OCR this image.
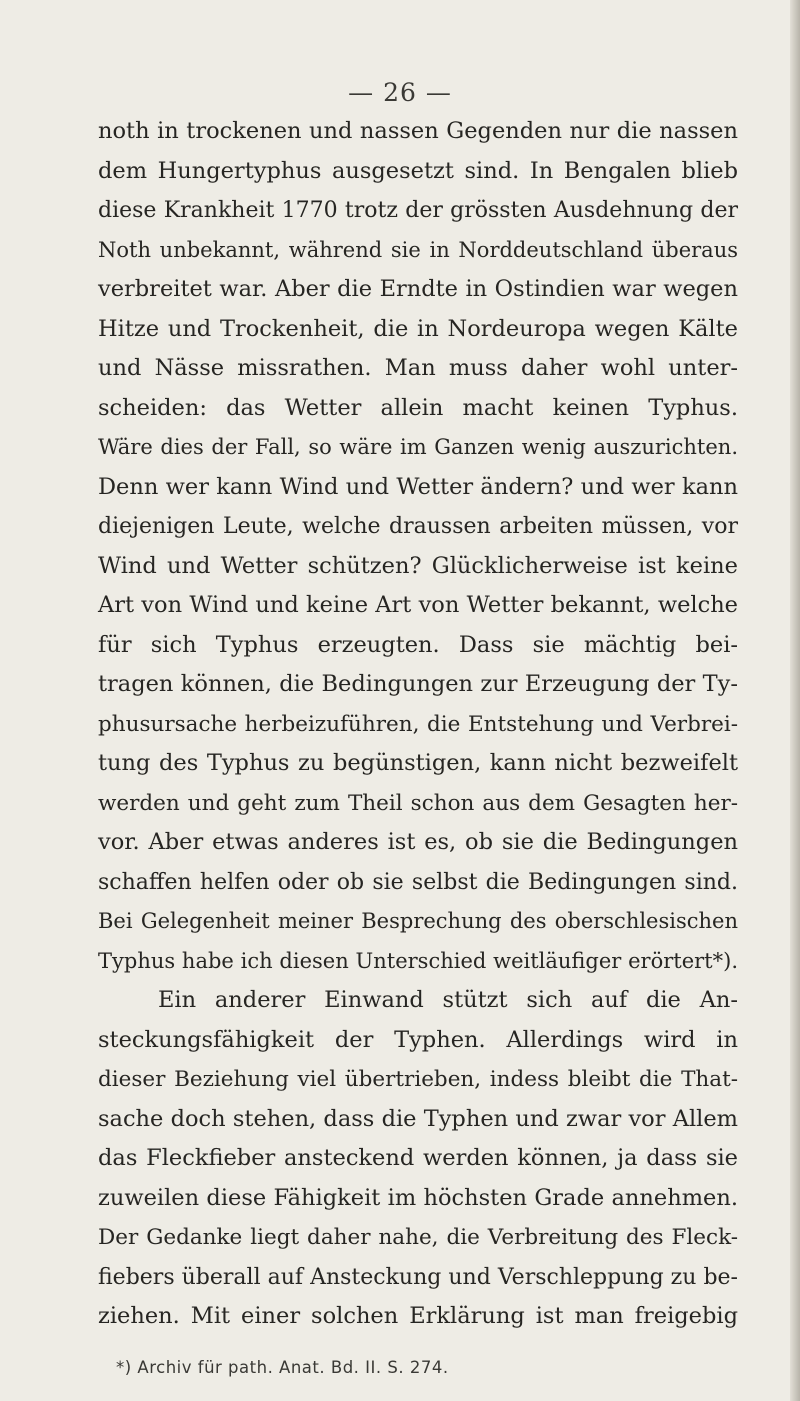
— 26 —
noth in trockenen und nassen Gegenden nur die nassen
dem Hungertyphus ausgesetzt sind. In Bengalen blieb
diese Krankheit 1770 trotz der grössten Ausdehnung der
Noth unbekannt, während sie in Norddeutschland überaus
verbreitet war. Aber die Erndte in Ostindien war wegen
Hitze und Trockenheit, die in Nordeuropa wegen Kälte
und Nässe missrathen. Man muss daher wohl unter-
scheiden: das Wetter allein macht keinen Typhus.
Wäre dies der Fall, so wäre im Ganzen wenig auszurichten.
Denn wer kann Wind und Wetter ändern? und wer kann
diejenigen Leute, welche draussen arbeiten müssen, vor
Wind und Wetter schützen? Glücklicherweise ist keine
Art von Wind und keine Art von Wetter bekannt, welche
für sich Typhus erzeugten. Dass sie mächtig bei-
tragen können, die Bedingungen zur Erzeugung der Ty-
phusursache herbeizuführen, die Entstehung und Verbrei-
tung des Typhus zu begünstigen, kann nicht bezweifelt
werden und geht zum Theil schon aus dem Gesagten her-
vor. Aber etwas anderes ist es, ob sie die Bedingungen
schaffen helfen oder ob sie selbst die Bedingungen sind.
Bei Gelegenheit meiner Besprechung des oberschlesischen
Typhus habe ich diesen Unterschied weitläufiger erörtert*).
Ein anderer Einwand stützt sich auf die An-
steckungsfähigkeit der Typhen. Allerdings wird in
dieser Beziehung viel übertrieben, indess bleibt die That-
sache doch stehen, dass die Typhen und zwar vor Allem
das Fleckfieber ansteckend werden können, ja dass sie
zuweilen diese Fähigkeit im höchsten Grade annehmen.
Der Gedanke liegt daher nahe, die Verbreitung des Fleck-
fiebers überall auf Ansteckung und Verschleppung zu be-
ziehen. Mit einer solchen Erklärung ist man freigebig
*) Archiv für path. Anat. Bd. II. S. 274.
